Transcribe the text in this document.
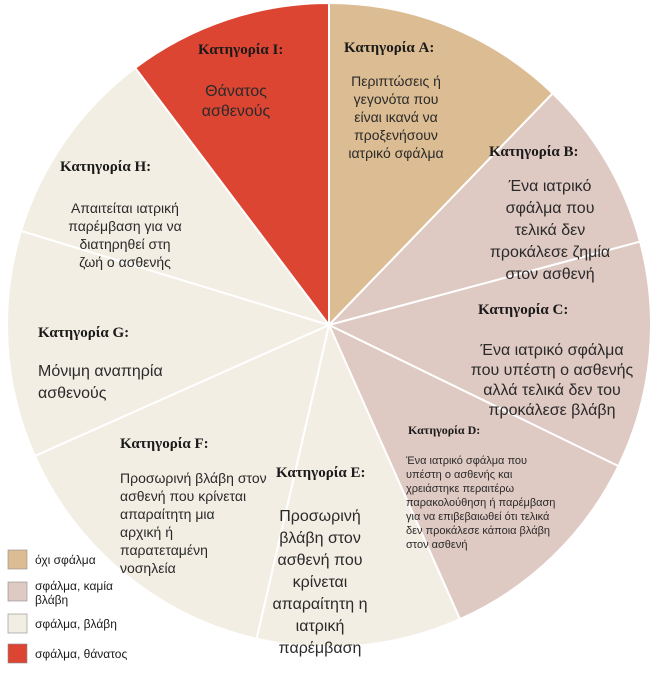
Κατηγορία A:
Περιπτώσεις ή γεγονότα που είναι ικανά να προξενήσουν ιατρικό σφάλμα	Κατηγορία B:
Ένα ιατρικό σφάλμα που τελικά δεν προκάλεσε ζημία στον ασθενή
Κατηγορία C:
Ένα ιατρικό σφάλμα που υπέστη ο ασθενής αλλά τελικά δεν του προκάλεσε βλάβη
Κατηγορία D:
Ένα ιατρικό σφάλμα που υπέστη ο ασθενής και χρειάστηκε περαιτέρω παρακολούθηση ή παρέμβαση για να επιβεβαιωθεί ότι τελικά δεν προκάλεσε κάποια βλάβη στον ασθενή
Κατηγορία E:
Προσωρινή βλάβη στον ασθενή που κρίνεται απαραίτητη η ιατρική παρέμβαση
Κατηγορία F:
Προσωρινή βλάβη στον ασθενή που κρίνεται απαραίτητη μια αρχική ή παρατεταμένη νοσηλεία
Κατηγορία G:
Μόνιμη αναπηρία ασθενούς
Κατηγορία H:
Απαιτείται ιατρική παρέμβαση για να διατηρηθεί στη ζωή ο ασθενής
Κατηγορία I:
Θάνατος ασθενούς
όχι σφάλμα
σφάλμα, καμία βλάβη
σφάλμα, βλάβη
σφάλμα, θάνατος
